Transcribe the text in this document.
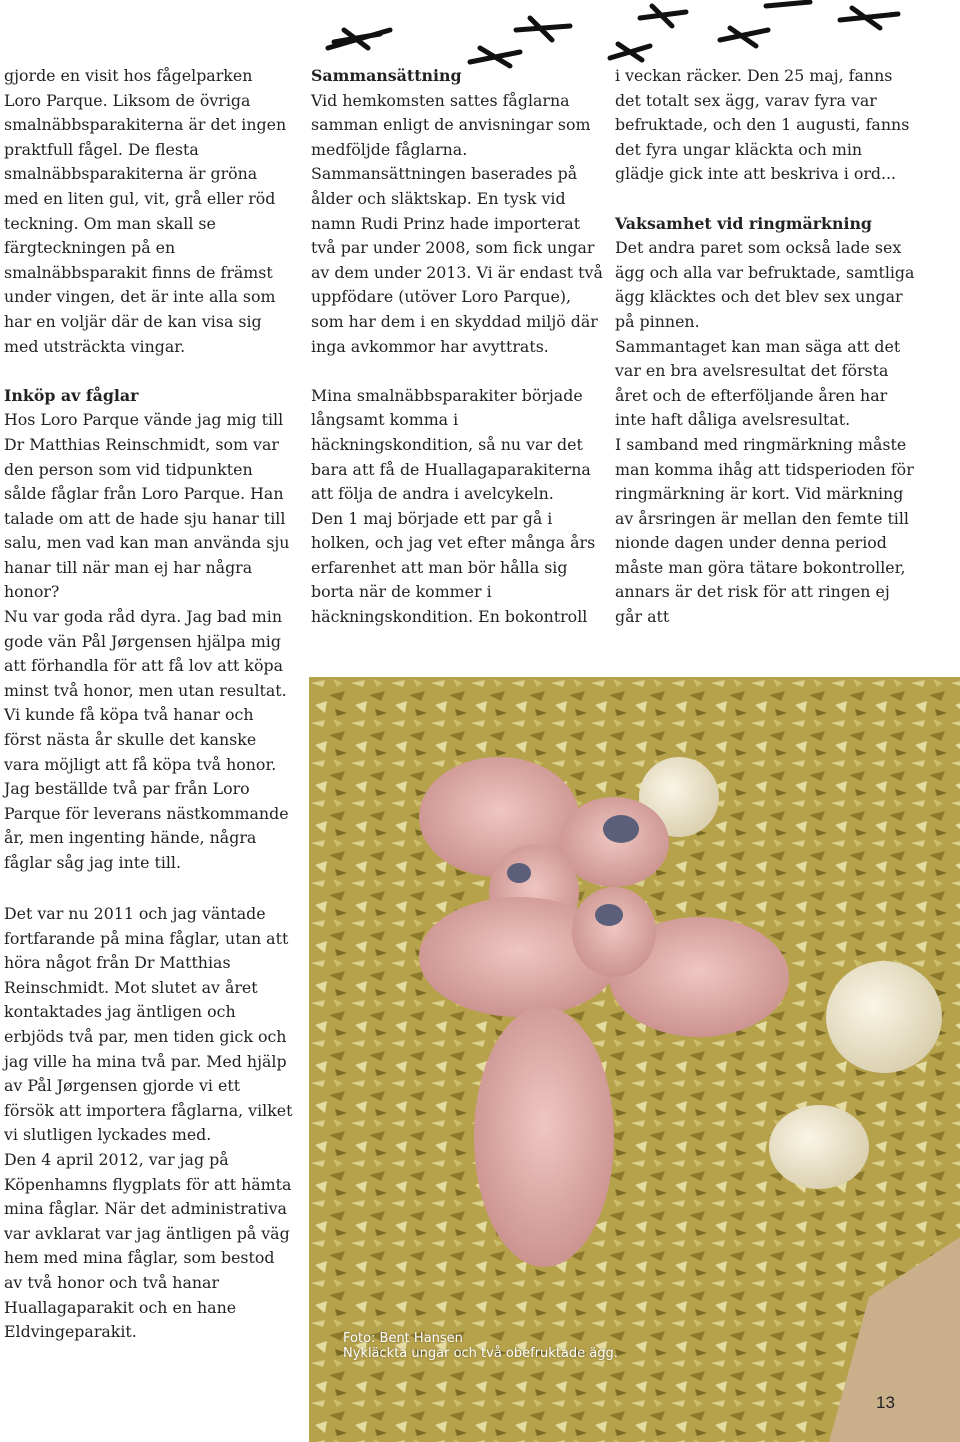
gjorde en visit hos fågelparken Loro Parque. Liksom de övriga smalnäbbsparakiterna är det ingen praktfull fågel. De flesta smalnäbbsparakiterna är gröna med en liten gul, vit, grå eller röd teckning. Om man skall se färgteckningen på en smalnäbbsparakit finns de främst under vingen, det är inte alla som har en voljär där de kan visa sig med utsträckta vingar.

Inköp av fåglar

Hos Loro Parque vände jag mig till Dr Matthias Reinschmidt, som var den person som vid tidpunkten sålde fåglar från Loro Parque. Han talade om att de hade sju hanar till salu, men vad kan man använda sju hanar till när man ej har några honor?

Nu var goda råd dyra. Jag bad min gode vän Pål Jørgensen hjälpa mig att förhandla för att få lov att köpa minst två honor, men utan resultat. Vi kunde få köpa två hanar och först nästa år skulle det kanske vara möjligt att få köpa två honor. Jag beställde två par från Loro Parque för leverans nästkommande år, men ingenting hände, några fåglar såg jag inte till.

Det var nu 2011 och jag väntade fortfarande på mina fåglar, utan att höra något från Dr Matthias Reinschmidt. Mot slutet av året kontaktades jag äntligen och erbjöds två par, men tiden gick och jag ville ha mina två par. Med hjälp av Pål Jørgensen gjorde vi ett försök att importera fåglarna, vilket vi slutligen lyckades med.

Den 4 april 2012, var jag på Köpenhamns flygplats för att hämta mina fåglar. När det administrativa var avklarat var jag äntligen på väg hem med mina fåglar, som bestod av två honor och två hanar Huallagaparakit och en hane Eldvingeparakit.

Sammansättning

Vid hemkomsten sattes fåglarna samman enligt de anvisningar som medföljde fåglarna. Sammansättningen baserades på ålder och släktskap. En tysk vid namn Rudi Prinz hade importerat två par under 2008, som fick ungar av dem under 2013. Vi är endast två uppfödare (utöver Loro Parque), som har dem i en skyddad miljö där inga avkommor har avyttrats.

Mina smalnäbbsparakiter började långsamt komma i häckningskondition, så nu var det bara att få de Huallagaparakiterna att följa de andra i avelcykeln.

Den 1 maj började ett par gå i holken, och jag vet efter många års erfarenhet att man bör hålla sig borta när de kommer i häckningskondition. En bokontroll

i veckan räcker. Den 25 maj, fanns det totalt sex ägg, varav fyra var befruktade, och den 1 augusti, fanns det fyra ungar kläckta och min glädje gick inte att beskriva i ord...

Vaksamhet vid ringmärkning

Det andra paret som också lade sex ägg och alla var befruktade, samtliga ägg kläcktes och det blev sex ungar på pinnen.

Sammantaget kan man säga att det var en bra avelsresultat det första året och de efterföljande åren har inte haft dåliga avelsresultat.

I samband med ringmärkning måste man komma ihåg att tidsperioden för ringmärkning är kort. Vid märkning av årsringen är mellan den femte till nionde dagen under denna period måste man göra tätare bokontroller, annars är det risk för att ringen ej går att

Foto: Bent Hansen
Nykläckta ungar och två obefruktade ägg.
13
